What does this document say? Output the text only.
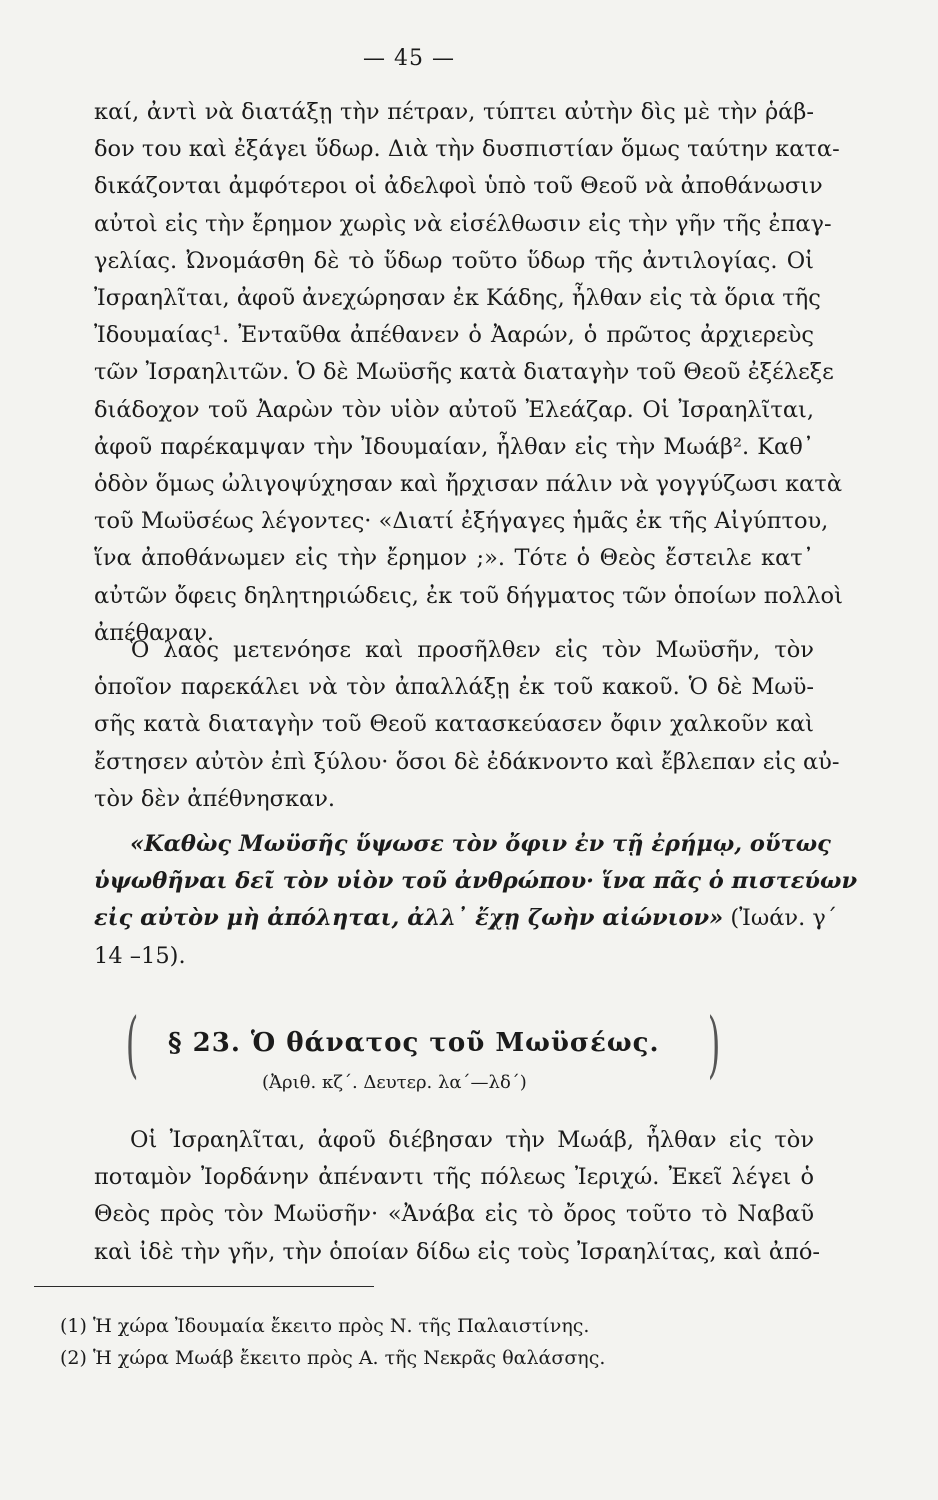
— 45 —
καί, ἀντὶ νὰ διατάξῃ τὴν πέτραν, τύπτει αὐτὴν δὶς μὲ τὴν ῥάβ-
δον του καὶ ἐξάγει ὕδωρ. Διὰ τὴν δυσπιστίαν ὅμως ταύτην κατα-
δικάζονται ἀμφότεροι οἱ ἀδελφοὶ ὑπὸ τοῦ Θεοῦ νὰ ἀποθάνωσιν
αὐτοὶ εἰς τὴν ἔρημον χωρὶς νὰ εἰσέλθωσιν εἰς τὴν γῆν τῆς ἐπαγ-
γελίας. Ὠνομάσθη δὲ τὸ ὕδωρ τοῦτο ὕδωρ τῆς ἀντιλογίας. Οἱ
Ἰσραηλῖται, ἀφοῦ ἀνεχώρησαν ἐκ Κάδης, ἦλθαν εἰς τὰ ὅρια τῆς
Ἰδουμαίας¹. Ἐνταῦθα ἀπέθανεν ὁ Ἀαρών, ὁ πρῶτος ἀρχιερεὺς
τῶν Ἰσραηλιτῶν. Ὁ δὲ Μωϋσῆς κατὰ διαταγὴν τοῦ Θεοῦ ἐξέλεξε
διάδοχον τοῦ Ἀαρὼν τὸν υἱὸν αὐτοῦ Ἐλεάζαρ. Οἱ Ἰσραηλῖται,
ἀφοῦ παρέκαμψαν τὴν Ἰδουμαίαν, ἦλθαν εἰς τὴν Μωάβ². Καθ᾽
ὁδὸν ὅμως ὠλιγοψύχησαν καὶ ἤρχισαν πάλιν νὰ γογγύζωσι κατὰ
τοῦ Μωϋσέως λέγοντες· «Διατί ἐξήγαγες ἡμᾶς ἐκ τῆς Αἰγύπτου,
ἵνα ἀποθάνωμεν εἰς τὴν ἔρημον ;». Τότε ὁ Θεὸς ἔστειλε κατ᾽
αὐτῶν ὄφεις δηλητηριώδεις, ἐκ τοῦ δήγματος τῶν ὁποίων πολλοὶ
ἀπέθαναν.
Ὁ λαὸς μετενόησε καὶ προσῆλθεν εἰς τὸν Μωϋσῆν, τὸν
ὁποῖον παρεκάλει νὰ τὸν ἀπαλλάξῃ ἐκ τοῦ κακοῦ. Ὁ δὲ Μωϋ-
σῆς κατὰ διαταγὴν τοῦ Θεοῦ κατασκεύασεν ὄφιν χαλκοῦν καὶ
ἔστησεν αὐτὸν ἐπὶ ξύλου· ὅσοι δὲ ἐδάκνοντο καὶ ἔβλεπαν εἰς αὐ-
τὸν δὲν ἀπέθνησκαν.
«Καθὼς Μωϋσῆς ὕψωσε τὸν ὄφιν ἐν τῇ ἐρήμῳ, οὕτως
ὑψωθῆναι δεῖ τὸν υἱὸν τοῦ ἀνθρώπου· ἵνα πᾶς ὁ πιστεύων
εἰς αὐτὸν μὴ ἀπόληται, ἀλλ᾽ ἔχῃ ζωὴν αἰώνιον» (Ἰωάν. γ´
14 –15).
§ 23. Ὁ θάνατος τοῦ Μωϋσέως.
(	)
(Ἀριθ. κζ´. Δευτερ. λα´—λδ´)
Οἱ Ἰσραηλῖται, ἀφοῦ διέβησαν τὴν Μωάβ, ἦλθαν εἰς τὸν
ποταμὸν Ἰορδάνην ἀπέναντι τῆς πόλεως Ἰεριχώ. Ἐκεῖ λέγει ὁ
Θεὸς πρὸς τὸν Μωϋσῆν· «Ἀνάβα εἰς τὸ ὄρος τοῦτο τὸ Ναβαῦ
καὶ ἰδὲ τὴν γῆν, τὴν ὁποίαν δίδω εἰς τοὺς Ἰσραηλίτας, καὶ ἀπό-
(1) Ἡ χώρα Ἰδουμαία ἔκειτο πρὸς Ν. τῆς Παλαιστίνης.
(2) Ἡ χώρα Μωάβ ἔκειτο πρὸς Α. τῆς Νεκρᾶς θαλάσσης.
